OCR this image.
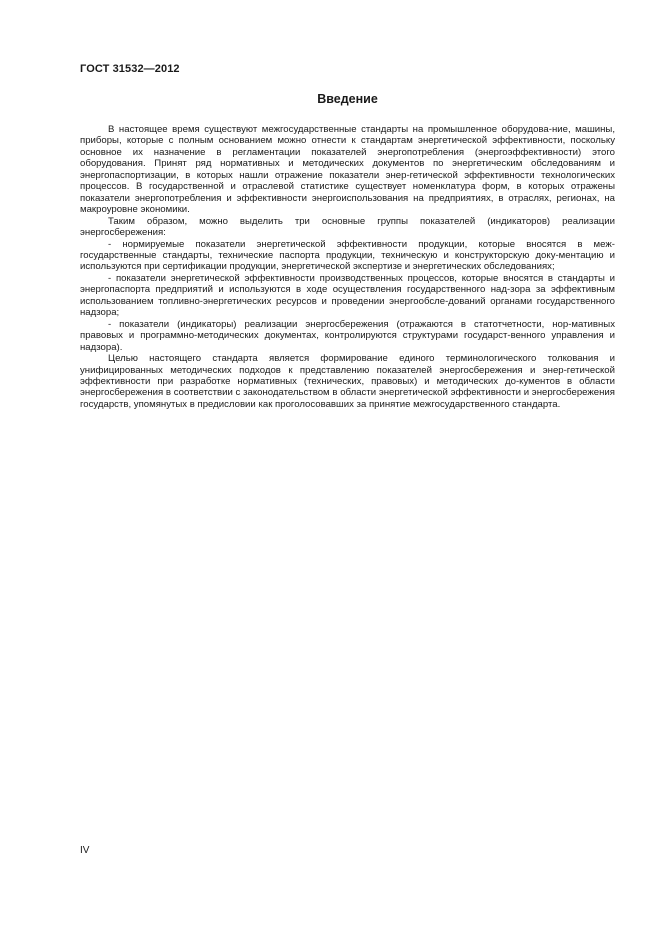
ГОСТ 31532—2012
Введение

В настоящее время существуют межгосударственные стандарты на промышленное оборудова-ние, машины, приборы, которые с полным основанием можно отнести к стандартам энергетической эффективности, поскольку основное их назначение в регламентации показателей энергопотребления (энергоэффективности) этого оборудования. Принят ряд нормативных и методических документов по энергетическим обследованиям и энергопаспортизации, в которых нашли отражение показатели энер-гетической эффективности технологических процессов. В государственной и отраслевой статистике существует номенклатура форм, в которых отражены показатели энергопотребления и эффективности энергоиспользования на предприятиях, в отраслях, регионах, на макроуровне экономики.

Таким образом, можно выделить три основные группы показателей (индикаторов) реализации энергосбережения:

- нормируемые показатели энергетической эффективности продукции, которые вносятся в меж-государственные стандарты, технические паспорта продукции, техническую и конструкторскую доку-ментацию и используются при сертификации продукции, энергетической экспертизе и энергетических обследованиях;

- показатели энергетической эффективности производственных процессов, которые вносятся в стандарты и энергопаспорта предприятий и используются в ходе осуществления государственного над-зора за эффективным использованием топливно-энергетических ресурсов и проведении энергообсле-дований органами государственного надзора;

- показатели (индикаторы) реализации энергосбережения (отражаются в статотчетности, нор-мативных правовых и программно-методических документах, контролируются структурами государст-венного управления и надзора).

Целью настоящего стандарта является формирование единого терминологического толкования и унифицированных методических подходов к представлению показателей энергосбережения и энер-гетической эффективности при разработке нормативных (технических, правовых) и методических до-кументов в области энергосбережения в соответствии с законодательством в области энергетической эффективности и энергосбережения государств, упомянутых в предисловии как проголосовавших за принятие межгосударственного стандарта.

IV
